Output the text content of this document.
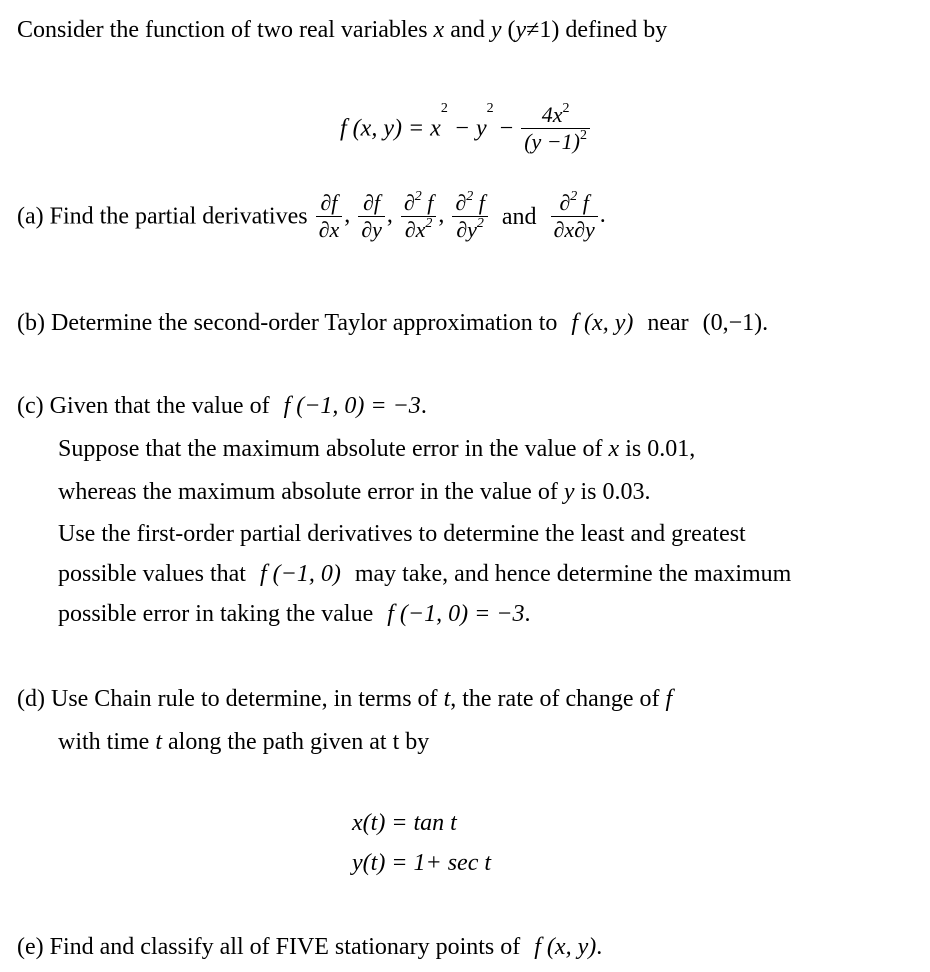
Consider the function of two real variables x and y (y≠1) defined by
f (x, $y) = x^2 - y^2 - \frac{4x^2}{(y -1)^2}$
(a) Find the partial derivatives $\frac{\partial f}{\partial x}$ , $\frac{\partial f}{\partial y}$ , $\frac{\partial^2 f}{\partial x^2}$ , $\frac{\partial^2 f}{\partial y^2}$ and $\frac{\partial^2 f}{\partial x\partial y}$ .
(b) Determine the second-order Taylor approximation to f (x, y) near (0,−1).
(c) Given that the value of f (−1, 0) = −3.
Suppose that the maximum absolute error in the value of x is 0.01,
whereas the maximum absolute error in the value of y is 0.03.
Use the first-order partial derivatives to determine the least and greatest
possible values that f (−1, 0) may take, and hence determine the maximum
possible error in taking the value f (−1, 0) = −3.
(d) Use Chain rule to determine, in terms of t, the rate of change of f
with time t along the path given at t by
x(t) = tan t
y(t) = 1+ sec t
(e) Find and classify all of FIVE stationary points of f (x, y).
